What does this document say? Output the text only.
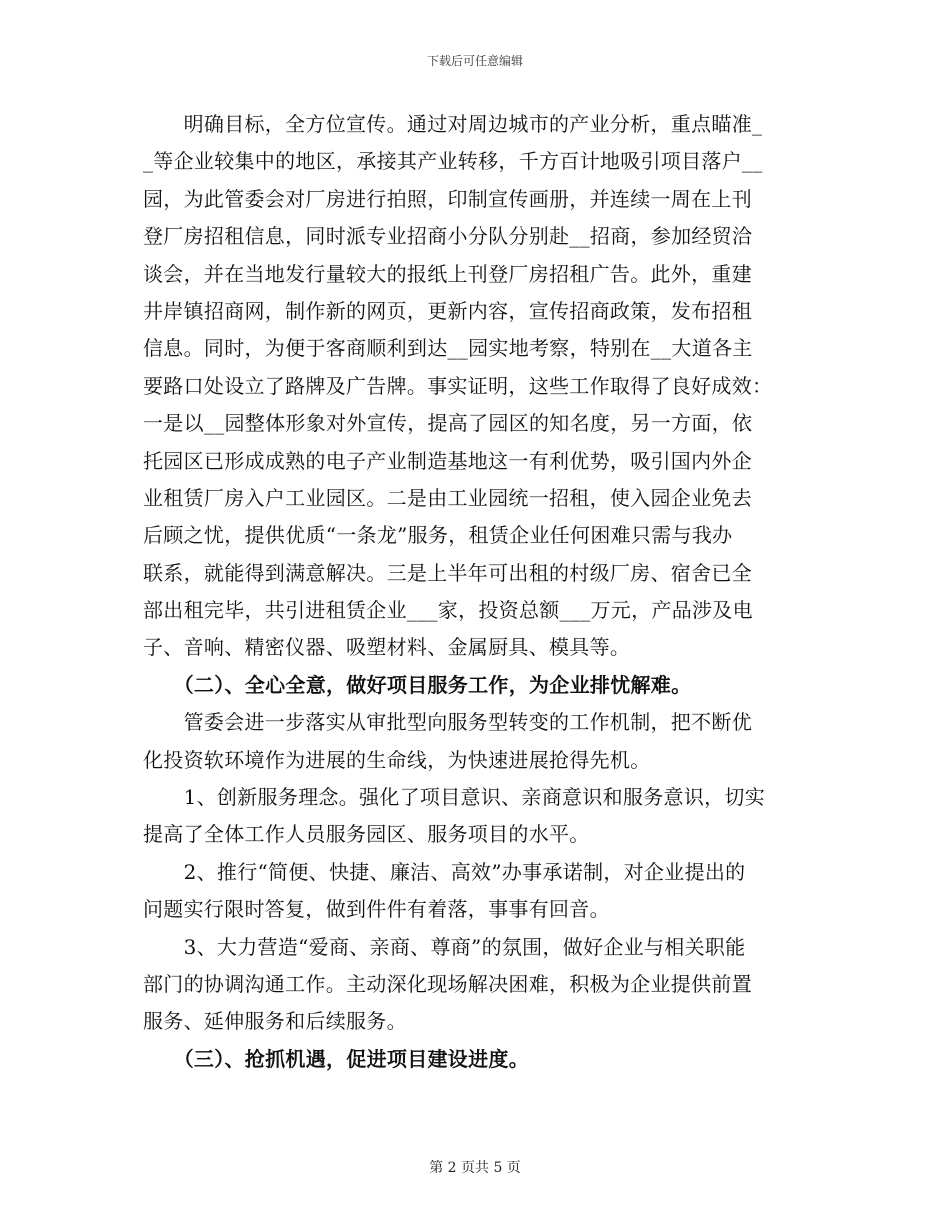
下载后可任意编辑
　　明确目标，全方位宣传。通过对周边城市的产业分析，重点瞄准_
_等企业较集中的地区，承接其产业转移，千方百计地吸引项目落户__
园，为此管委会对厂房进行拍照，印制宣传画册，并连续一周在上刊
登厂房招租信息，同时派专业招商小分队分别赴__招商，参加经贸洽
谈会，并在当地发行量较大的报纸上刊登厂房招租广告。此外，重建
井岸镇招商网，制作新的网页，更新内容，宣传招商政策，发布招租
信息。同时，为便于客商顺利到达__园实地考察，特别在__大道各主
要路口处设立了路牌及广告牌。事实证明，这些工作取得了良好成效：
一是以__园整体形象对外宣传，提高了园区的知名度，另一方面，依
托园区已形成成熟的电子产业制造基地这一有利优势，吸引国内外企
业租赁厂房入户工业园区。二是由工业园统一招租，使入园企业免去
后顾之忧，提供优质“一条龙”服务，租赁企业任何困难只需与我办
联系，就能得到满意解决。三是上半年可出租的村级厂房、宿舍已全
部出租完毕，共引进租赁企业___家，投资总额___万元，产品涉及电
子、音响、精密仪器、吸塑材料、金属厨具、模具等。
　　（二）、全心全意，做好项目服务工作，为企业排忧解难。
　　管委会进一步落实从审批型向服务型转变的工作机制，把不断优
化投资软环境作为进展的生命线，为快速进展抢得先机。
　　1、创新服务理念。强化了项目意识、亲商意识和服务意识，切实
提高了全体工作人员服务园区、服务项目的水平。
　　2、推行“简便、快捷、廉洁、高效”办事承诺制，对企业提出的
问题实行限时答复，做到件件有着落，事事有回音。
　　3、大力营造“爱商、亲商、尊商”的氛围，做好企业与相关职能
部门的协调沟通工作。主动深化现场解决困难，积极为企业提供前置
服务、延伸服务和后续服务。
　　（三）、抢抓机遇，促进项目建设进度。
第 2 页共 5 页
